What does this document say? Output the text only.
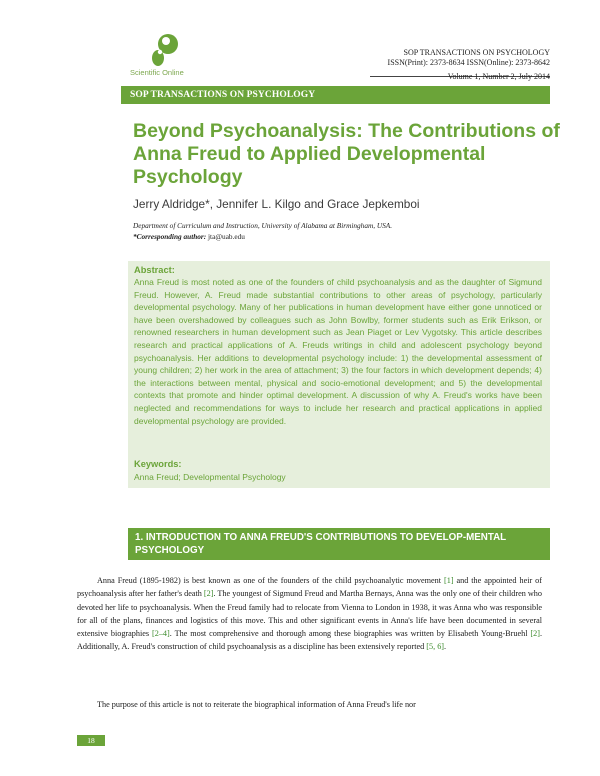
Scientific Online
SOP TRANSACTIONS ON PSYCHOLOGY
ISSN(Print): 2373-8634 ISSN(Online): 2373-8642
Volume 1, Number 2, July 2014
SOP TRANSACTIONS ON PSYCHOLOGY
Beyond Psychoanalysis: The Contributions of Anna Freud to Applied Developmental Psychology
Jerry Aldridge*, Jennifer L. Kilgo and Grace Jepkemboi
Department of Curriculum and Instruction, University of Alabama at Birmingham, USA.
*Corresponding author: jta@uab.edu
Abstract:
Anna Freud is most noted as one of the founders of child psychoanalysis and as the daughter of Sigmund Freud. However, A. Freud made substantial contributions to other areas of psychology, particularly developmental psychology. Many of her publications in human development have either gone unnoticed or have been overshadowed by colleagues such as John Bowlby, former students such as Erik Erikson, or renowned researchers in human development such as Jean Piaget or Lev Vygotsky. This article describes research and practical applications of A. Freuds writings in child and adolescent psychology beyond psychoanalysis. Her additions to developmental psychology include: 1) the developmental assessment of young children; 2) her work in the area of attachment; 3) the four factors in which development depends; 4) the interactions between mental, physical and socio-emotional development; and 5) the developmental contexts that promote and hinder optimal development. A discussion of why A. Freud's works have been neglected and recommendations for ways to include her research and practical applications in applied developmental psychology are provided.
Keywords:
Anna Freud; Developmental Psychology
1. INTRODUCTION TO ANNA FREUD'S CONTRIBUTIONS TO DEVELOP-MENTAL PSYCHOLOGY
Anna Freud (1895-1982) is best known as one of the founders of the child psychoanalytic movement [1] and the appointed heir of psychoanalysis after her father's death [2]. The youngest of Sigmund Freud and Martha Bernays, Anna was the only one of their children who devoted her life to psychoanalysis. When the Freud family had to relocate from Vienna to London in 1938, it was Anna who was responsible for all of the plans, finances and logistics of this move. This and other significant events in Anna's life have been documented in several extensive biographies [2–4]. The most comprehensive and thorough among these biographies was written by Elisabeth Young-Bruehl [2]. Additionally, A. Freud's construction of child psychoanalysis as a discipline has been extensively reported [5, 6].
The purpose of this article is not to reiterate the biographical information of Anna Freud's life nor
18
